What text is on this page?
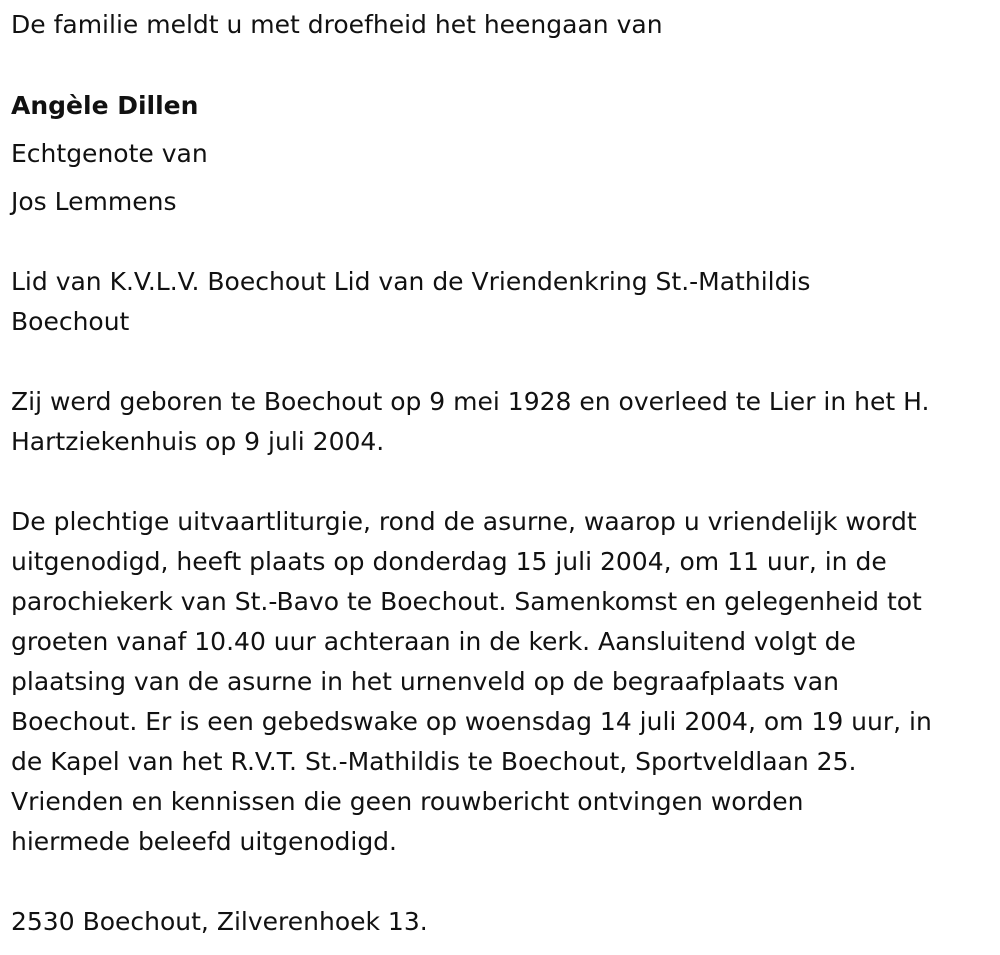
De familie meldt u met droefheid het heengaan van
Angèle Dillen
Echtgenote van
Jos Lemmens
Lid van K.V.L.V. Boechout Lid van de Vriendenkring St.-Mathildis
Boechout
Zij werd geboren te Boechout op 9 mei 1928 en overleed te Lier in het H.
Hartziekenhuis op 9 juli 2004.
De plechtige uitvaartliturgie, rond de asurne, waarop u vriendelijk wordt
uitgenodigd, heeft plaats op donderdag 15 juli 2004, om 11 uur, in de
parochiekerk van St.-Bavo te Boechout. Samenkomst en gelegenheid tot
groeten vanaf 10.40 uur achteraan in de kerk. Aansluitend volgt de
plaatsing van de asurne in het urnenveld op de begraafplaats van
Boechout. Er is een gebedswake op woensdag 14 juli 2004, om 19 uur, in
de Kapel van het R.V.T. St.-Mathildis te Boechout, Sportveldlaan 25.
Vrienden en kennissen die geen rouwbericht ontvingen worden
hiermede beleefd uitgenodigd.
2530 Boechout, Zilverenhoek 13.
